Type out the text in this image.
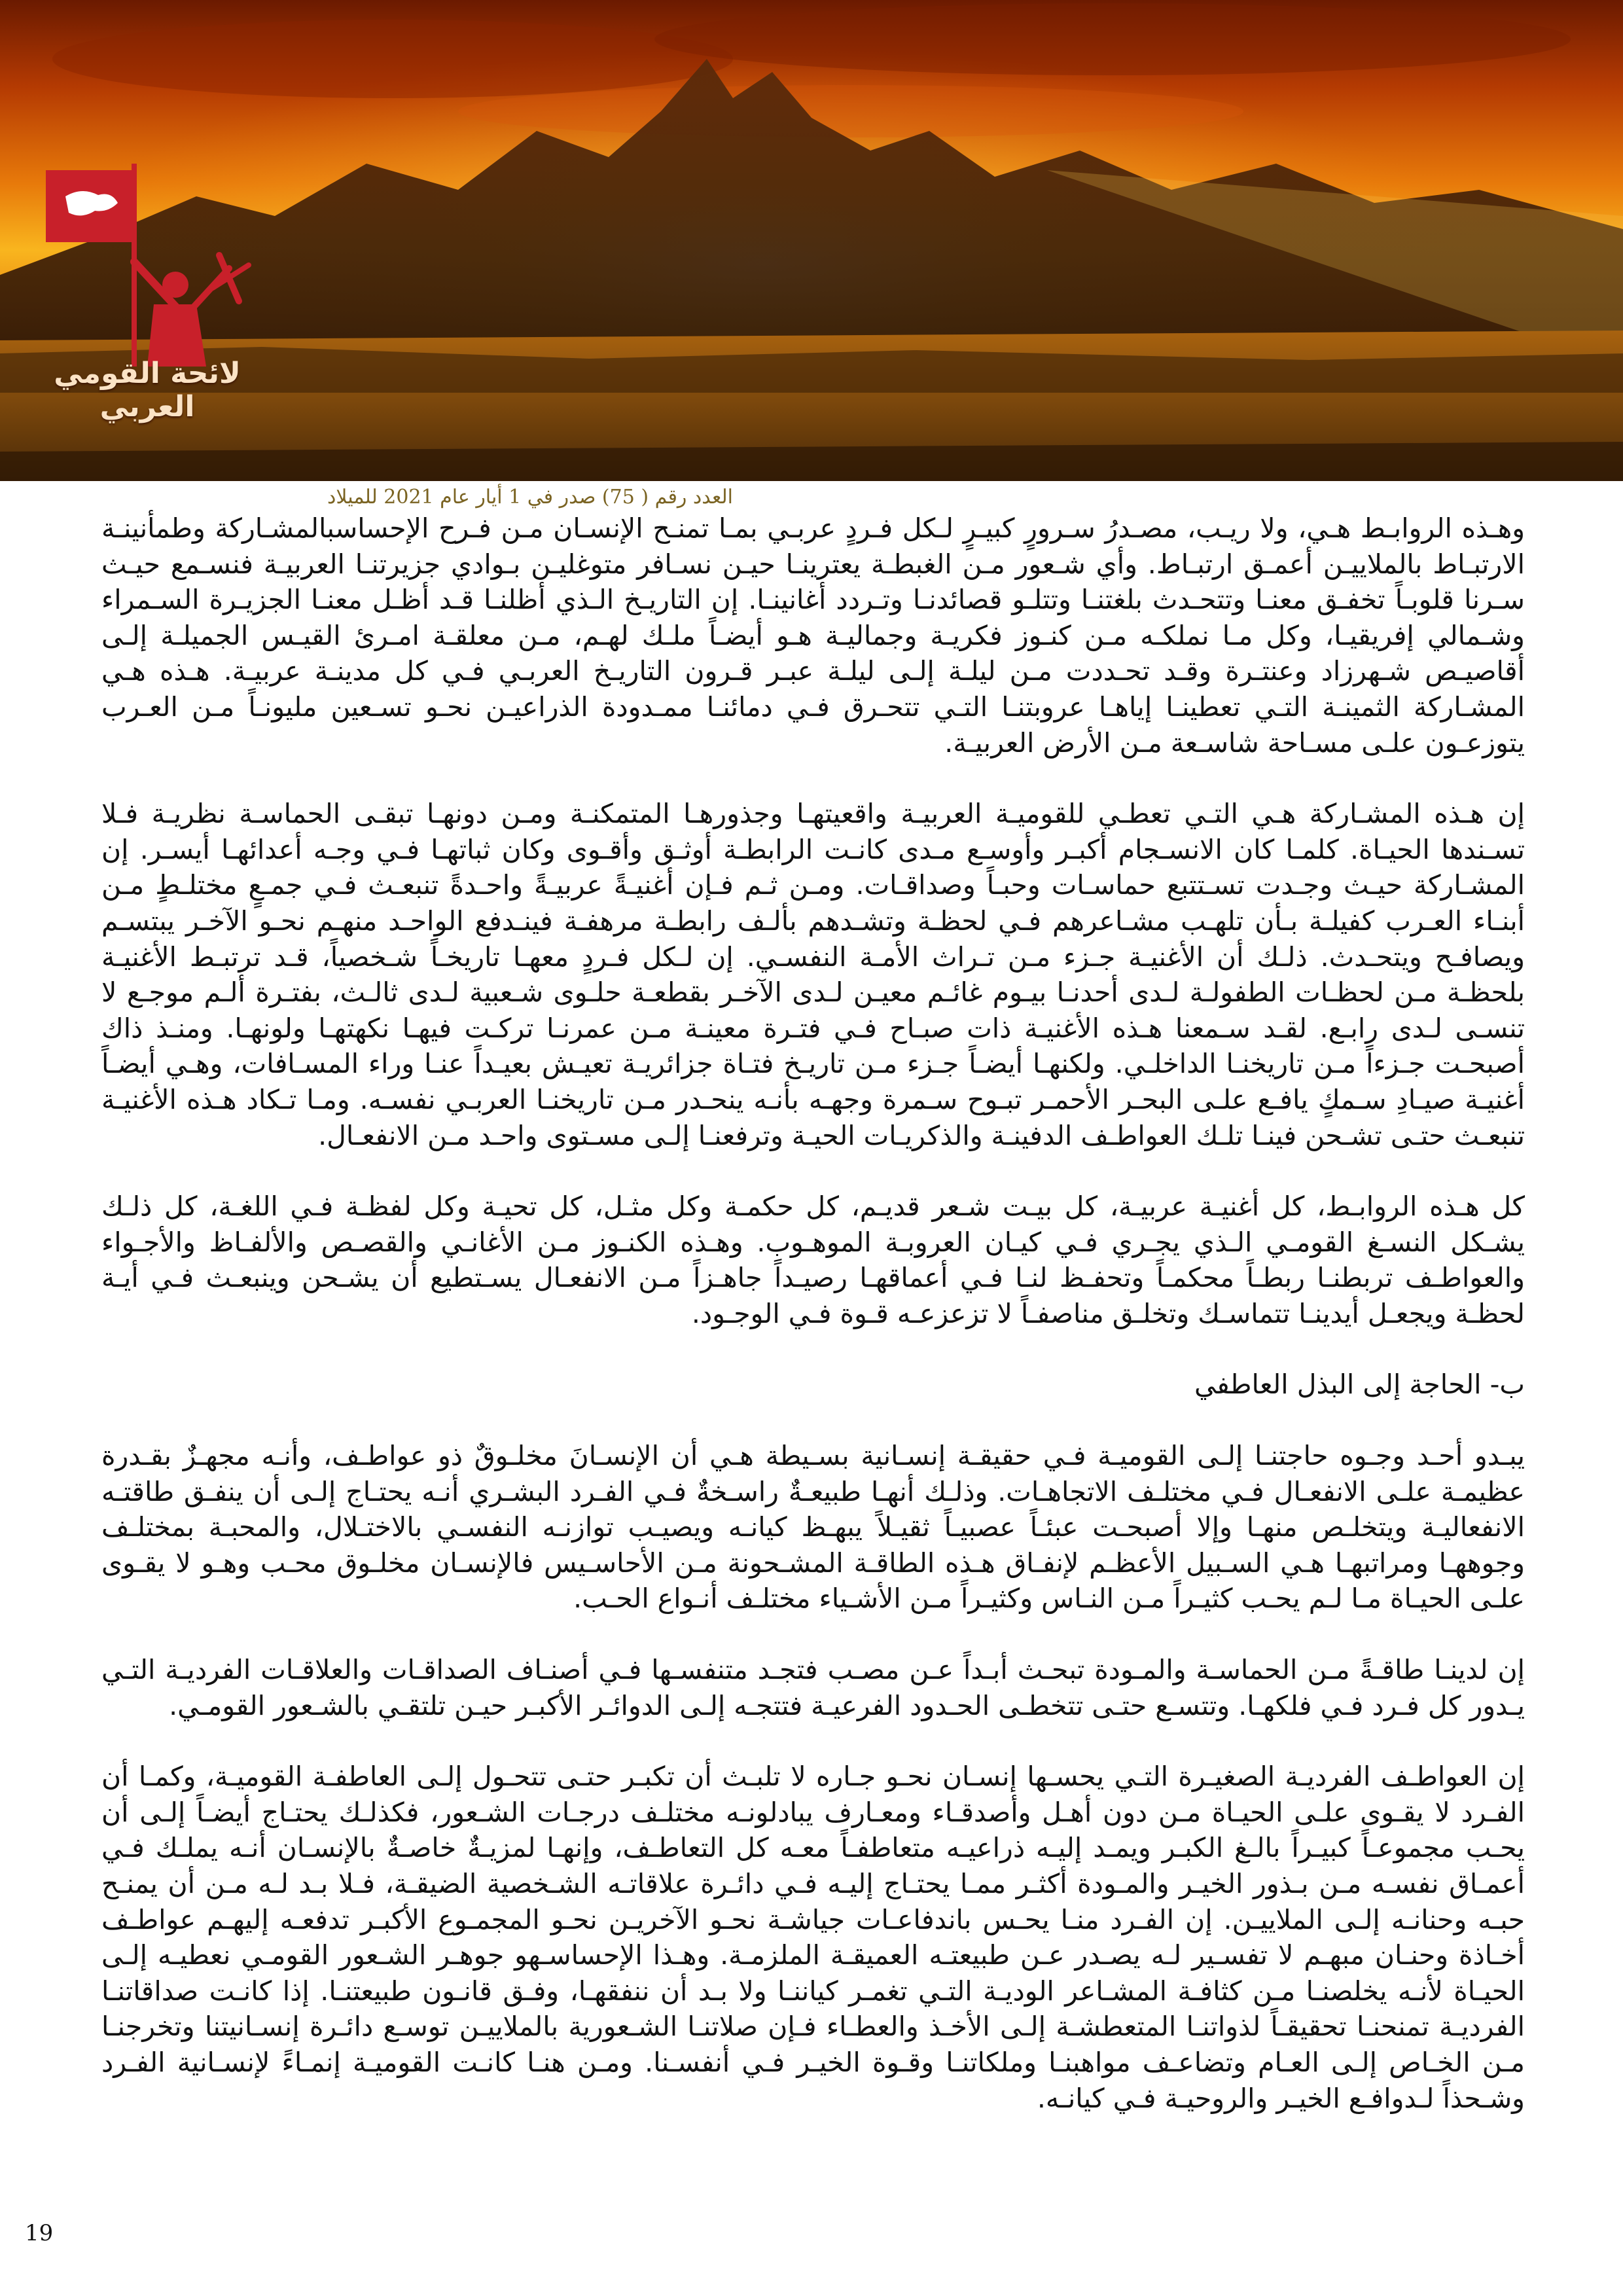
لائحة القومي العربي
العدد رقم ( 75) صدر في 1 أيار عام 2021 للميلاد

وهـذه الروابـط هـي، ولا ريـب، مصـدرُ سـرورٍ كبيـرٍ لـكل فـردٍ عربـي بمـا تمنـح الإنسـان مـن فـرح الإحساسبالمشـاركة وطمأنينـة الارتبـاط بالملاييـن أعمـق ارتبـاط. وأي شـعور مـن الغبطـة يعترينـا حيـن نسـافر متوغليـن بـوادي جزيرتنـا العربيـة فنسـمع حيـث سـرنا قلوبـاً تخفـق معنـا وتتحـدث بلغتنـا وتتلـو قصائدنـا وتـردد أغانينـا. إن التاريـخ الـذي أظلنـا قـد أظـل معنـا الجزيـرة السـمراء وشـمالي إفريقيـا، وكل مـا نملكـه مـن كنـوز فكريـة وجماليـة هـو أيضـاً ملـك لهـم، مـن معلقـة امـرئ القيـس الجميلـة إلـى أقاصيـص شـهرزاد وعنتـرة وقـد تحـددت مـن ليلـة إلـى ليلـة عبـر قـرون التاريـخ العربـي فـي كل مدينـة عربيـة. هـذه هـي المشـاركة الثمينـة التـي تعطينـا إياهـا عروبتنـا التـي تتحـرق فـي دمائنـا ممـدودة الذراعيـن نحـو تسـعين مليونـاً مـن العـرب يتوزعـون علـى مسـاحة شاسـعة مـن الأرض العربيـة.

إن هـذه المشـاركة هـي التـي تعطـي للقوميـة العربيـة واقعيتهـا وجذورهـا المتمكنـة ومـن دونهـا تبقـى الحماسـة نظريـة فـلا تسـندها الحيـاة. كلمـا كان الانسـجام أكبـر وأوسـع مـدى كانـت الرابطـة أوثـق وأقـوى وكان ثباتهـا فـي وجـه أعدائهـا أيسـر. إن المشـاركة حيـث وجـدت تسـتتبع حماسـات وحبـاً وصداقـات. ومـن ثـم فـإن أغنيـةً عربيـةً واحـدةً تنبعـث فـي جمـعٍ مختلـطٍ مـن أبنـاء العـرب كفيلـة بـأن تلهـب مشـاعرهم فـي لحظـة وتشـدهم بألـف رابطـة مرهفـة فينـدفع الواحـد منهـم نحـو الآخـر يبتسـم ويصافـح ويتحـدث. ذلـك أن الأغنيـة جـزء مـن تـراث الأمـة النفسـي. إن لـكل فـردٍ معهـا تاريخـاً شـخصياً، قـد ترتبـط الأغنيـة بلحظـة مـن لحظـات الطفولـة لـدى أحدنـا بيـوم غائـم معيـن لـدى الآخـر بقطعـة حلـوى شـعبية لـدى ثالـث، بفتـرة ألـم موجـع لا تنسـى لـدى رابـع. لقـد سـمعنا هـذه الأغنيـة ذات صبـاح فـي فتـرة معينـة مـن عمرنـا تركـت فيهـا نكهتهـا ولونهـا. ومنـذ ذاك أصبحـت جـزءاً مـن تاريخنـا الداخلـي. ولكنهـا أيضـاً جـزء مـن تاريـخ فتـاة جزائريـة تعيـش بعيـداً عنـا وراء المسـافات، وهـي أيضـاً أغنيـة صيـادِ سـمكٍ يافـع علـى البحـر الأحمـر تبـوح سـمرة وجهـه بأنـه ينحـدر مـن تاريخنـا العربـي نفسـه. ومـا تـكاد هـذه الأغنيـة تنبعـث حتـى تشـحن فينـا تلـك العواطـف الدفينـة والذكريـات الحيـة وترفعنـا إلـى مسـتوى واحـد مـن الانفعـال.

كل هـذه الروابـط، كل أغنيـة عربيـة، كل بيـت شـعر قديـم، كل حكمـة وكل مثـل، كل تحيـة وكل لفظـة فـي اللغـة، كل ذلـك يشـكل النسـغ القومـي الـذي يجـري فـي كيـان العروبـة الموهـوب. وهـذه الكنـوز مـن الأغانـي والقصـص والألفـاظ والأجـواء والعواطـف تربطنـا ربطـاً محكمـاً وتحفـظ لنـا فـي أعماقهـا رصيـداً جاهـزاً مـن الانفعـال يسـتطيع أن يشـحن وينبعـث فـي أيـة لحظـة ويجعـل أيدينـا تتماسـك وتخلـق مناصفـاً لا تزعزعـه قـوة فـي الوجـود.

ب- الحاجة إلى البذل العاطفي

يبـدو أحـد وجـوه حاجتنـا إلـى القوميـة فـي حقيقـة إنسـانية بسـيطة هـي أن الإنسـانَ مخلـوقٌ ذو عواطـف، وأنـه مجهـزٌ بقـدرة عظيمـة علـى الانفعـال فـي مختلـف الاتجاهـات. وذلـك أنهـا طبيعـةٌ راسـخةٌ فـي الفـرد البشـري أنـه يحتـاج إلـى أن ينفـق طاقتـه الانفعاليـة ويتخلـص منهـا وإلا أصبحـت عبئـاً عصبيـاً ثقيـلاً يبهـظ كيانـه ويصيـب توازنـه النفسـي بالاختـلال، والمحبـة بمختلـف وجوههـا ومراتبهـا هـي السـبيل الأعظـم لإنفـاق هـذه الطاقـة المشـحونة مـن الأحاسـيس فالإنسـان مخلـوق محـب وهـو لا يقـوى علـى الحيـاة مـا لـم يحـب كثيـراً مـن النـاس وكثيـراً مـن الأشـياء مختلـف أنـواع الحـب.

إن لدينـا طاقـةً مـن الحماسـة والمـودة تبحـث أبـداً عـن مصـب فتجـد متنفسـها فـي أصنـاف الصداقـات والعلاقـات الفرديـة التـي يـدور كل فـرد فـي فلكهـا. وتتسـع حتـى تتخطـى الحـدود الفرعيـة فتتجـه إلـى الدوائـر الأكبـر حيـن تلتقـي بالشـعور القومـي.

إن العواطـف الفرديـة الصغيـرة التـي يحسـها إنسـان نحـو جـاره لا تلبـث أن تكبـر حتـى تتحـول إلـى العاطفـة القوميـة، وكمـا أن الفـرد لا يقـوى علـى الحيـاة مـن دون أهـل وأصدقـاء ومعـارف يبادلونـه مختلـف درجـات الشـعور، فكذلـك يحتـاج أيضـاً إلـى أن يحـب مجموعـاً كبيـراً بالـغ الكبـر ويمـد إليـه ذراعيـه متعاطفـاً معـه كل التعاطـف، وإنهـا لمزيـةٌ خاصـةٌ بالإنسـان أنـه يملـك فـي أعمـاق نفسـه مـن بـذور الخيـر والمـودة أكثـر ممـا يحتـاج إليـه فـي دائـرة علاقاتـه الشـخصية الضيقـة، فـلا بـد لـه مـن أن يمنـح حبـه وحنانـه إلـى الملاييـن. إن الفـرد منـا يحـس باندفاعـات جياشـة نحـو الآخريـن نحـو المجمـوع الأكبـر تدفعـه إليهـم عواطـف أخـاذة وحنـان مبهـم لا تفسـير لـه يصـدر عـن طبيعتـه العميقـة الملزمـة. وهـذا الإحساسـهو جوهـر الشـعور القومـي نعطيـه إلـى الحيـاة لأنـه يخلصنـا مـن كثافـة المشـاعر الوديـة التـي تغمـر كياننـا ولا بـد أن ننفقهـا، وفـق قانـون طبيعتنـا. إذا كانـت صداقاتنـا الفرديـة تمنحنـا تحقيقـاً لذواتنـا المتعطشـة إلـى الأخـذ والعطـاء فـإن صلاتنـا الشـعورية بالملاييـن توسـع دائـرة إنسـانيتنا وتخرجنـا مـن الخـاص إلـى العـام وتضاعـف مواهبنـا وملكاتنـا وقـوة الخيـر فـي أنفسـنا. ومـن هنـا كانـت القوميـة إنمـاءً لإنسـانية الفـرد وشـحذاً لـدوافـع الخيـر والروحيـة فـي كيانـه.

19
